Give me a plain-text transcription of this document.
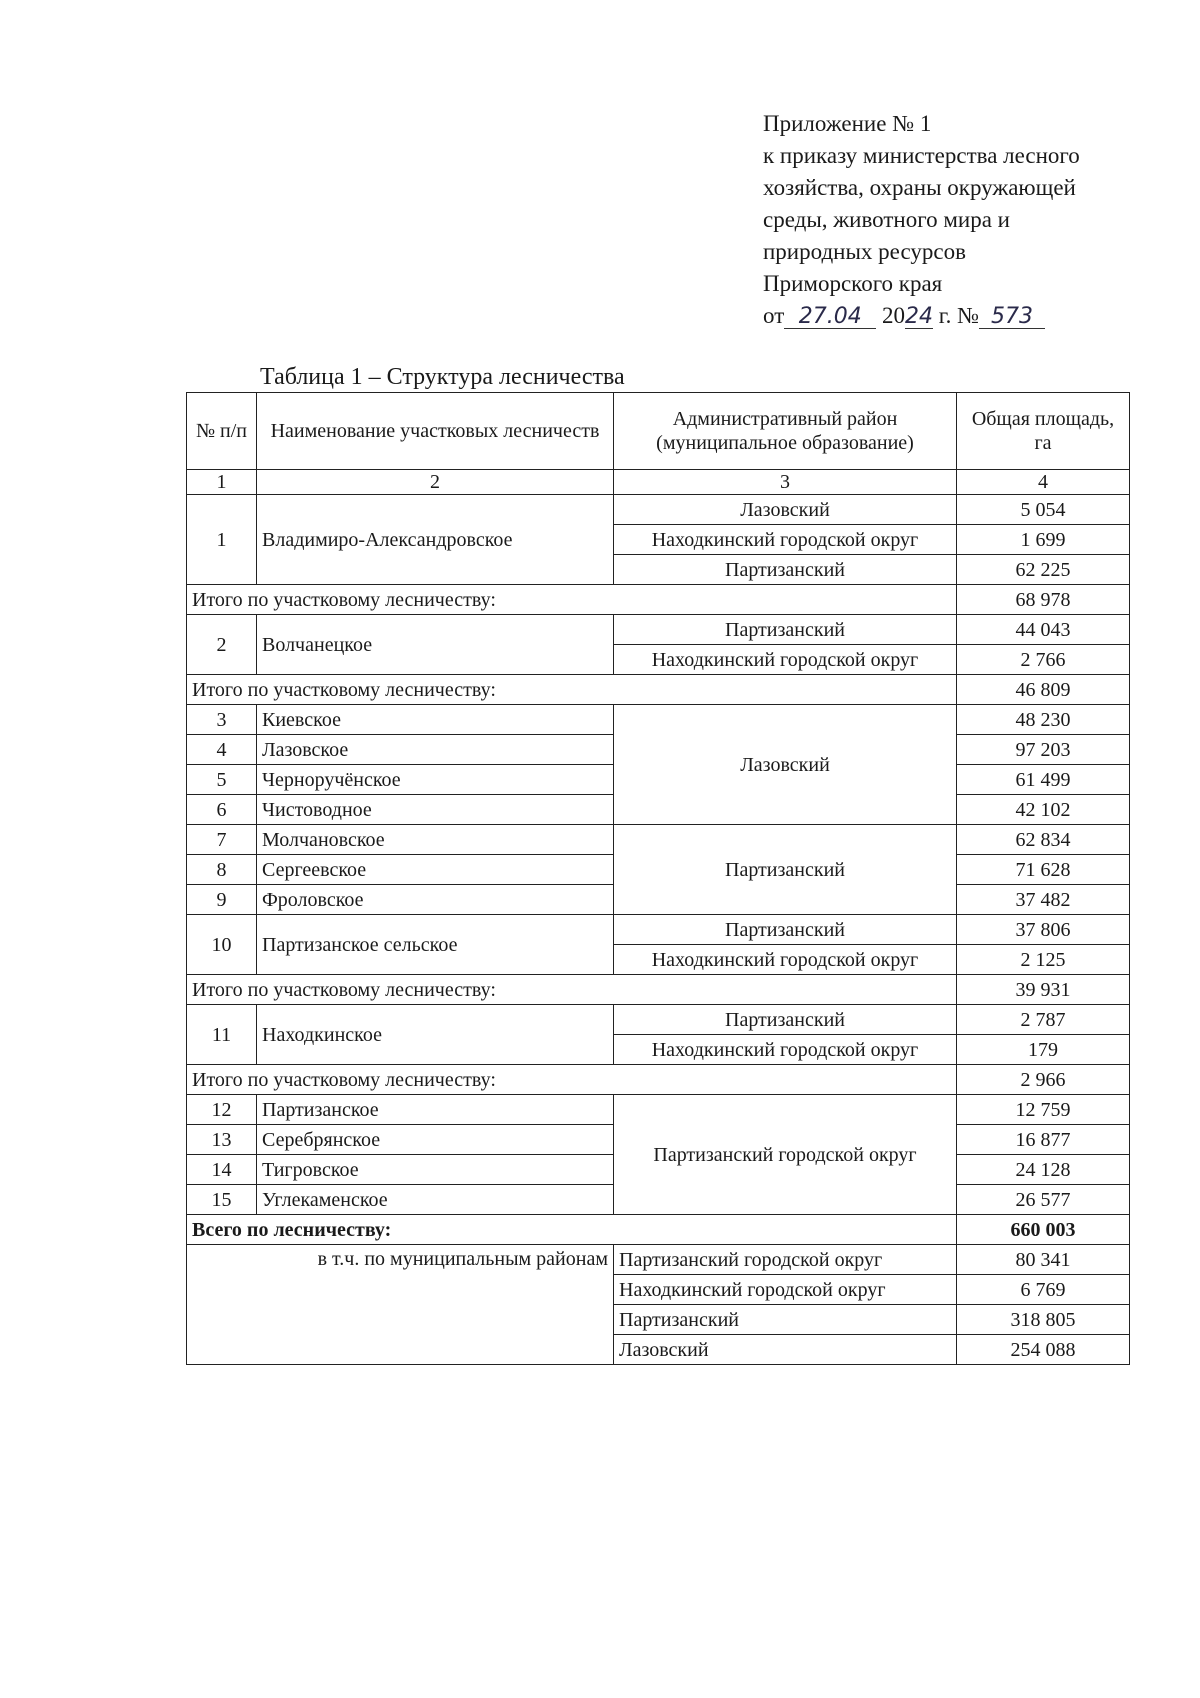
Приложение № 1
к приказу министерства лесного
хозяйства, охраны окружающей
среды, животного мира и
природных ресурсов
Приморского края
от 27.04 2024 г. № 573
Таблица 1 – Структура лесничества
№ п/п	Наименование участковых лесничеств	Административный район (муниципальное образование)	Общая площадь, га
1	2	3	4
1	Владимиро-Александровское	Лазовский	5 054
		Находкинский городской округ	1 699
		Партизанский	62 225
Итого по участковому лесничеству:			68 978
2	Волчанецкое	Партизанский	44 043
		Находкинский городской округ	2 766
Итого по участковому лесничеству:			46 809
3	Киевское	Лазовский	48 230
4	Лазовское		97 203
5	Черноручёнское		61 499
6	Чистоводное		42 102
7	Молчановское	Партизанский	62 834
8	Сергеевское		71 628
9	Фроловское		37 482
10	Партизанское сельское	Партизанский	37 806
		Находкинский городской округ	2 125
Итого по участковому лесничеству:			39 931
11	Находкинское	Партизанский	2 787
		Находкинский городской округ	179
Итого по участковому лесничеству:			2 966
12	Партизанское	Партизанский городской округ	12 759
13	Серебрянское		16 877
14	Тигровское		24 128
15	Углекаменское		26 577
Всего по лесничеству:			660 003
в т.ч. по муниципальным районам		Партизанский городской округ	80 341
		Находкинский городской округ	6 769
		Партизанский	318 805
		Лазовский	254 088
